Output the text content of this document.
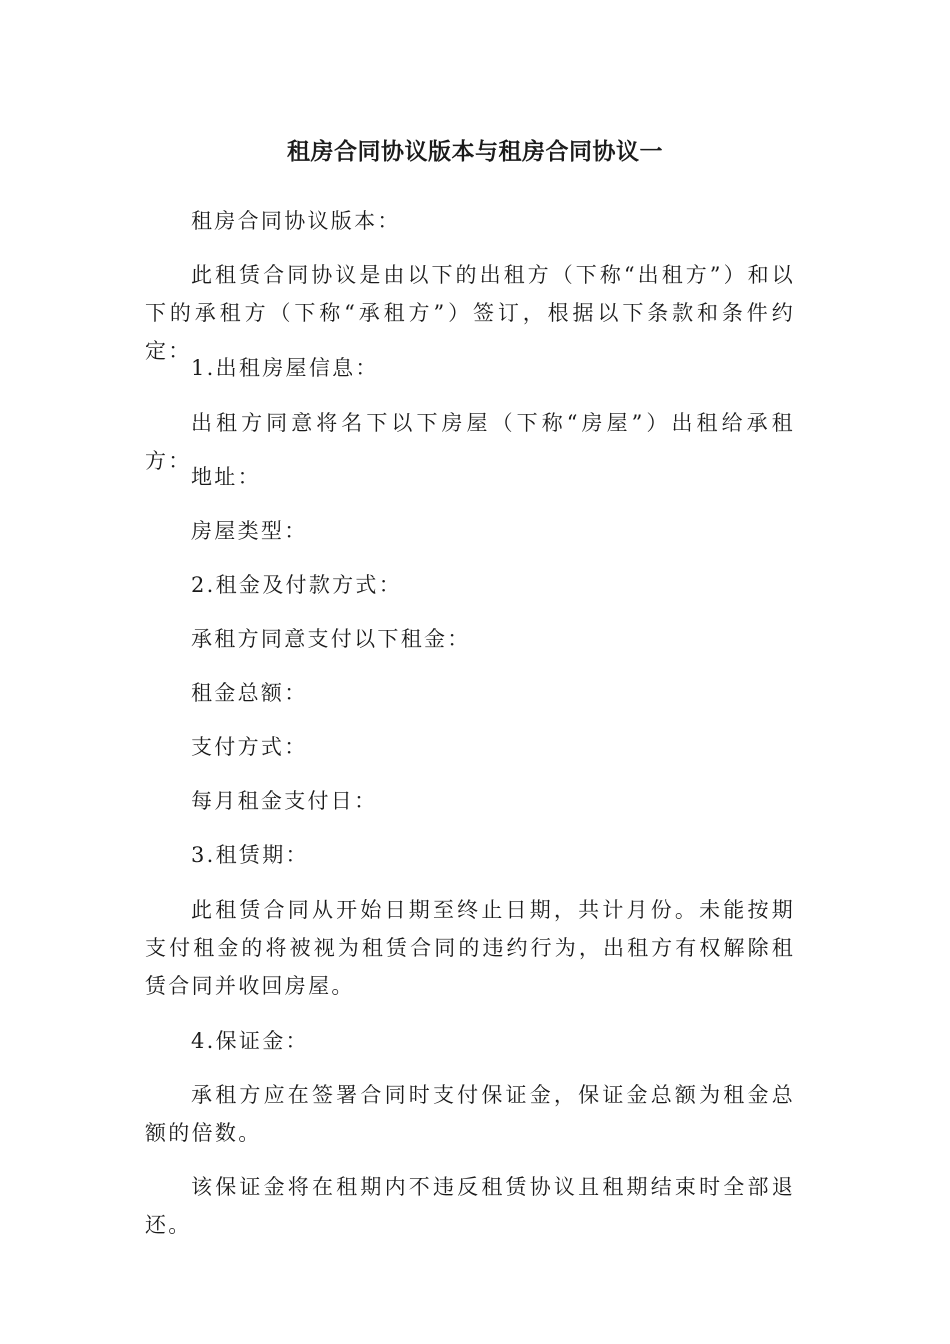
租房合同协议版本与租房合同协议一

租房合同协议版本：

此租赁合同协议是由以下的出租方（下称“出租方”）和以下的承租方（下称“承租方”）签订，根据以下条款和条件约定：

1.出租房屋信息：

出租方同意将名下以下房屋（下称“房屋”）出租给承租方：

地址：

房屋类型：

2.租金及付款方式：

承租方同意支付以下租金：

租金总额：

支付方式：

每月租金支付日：

3.租赁期：

此租赁合同从开始日期至终止日期，共计月份。未能按期支付租金的将被视为租赁合同的违约行为，出租方有权解除租赁合同并收回房屋。

4.保证金：

承租方应在签署合同时支付保证金，保证金总额为租金总额的倍数。

该保证金将在租期内不违反租赁协议且租期结束时全部退还。
